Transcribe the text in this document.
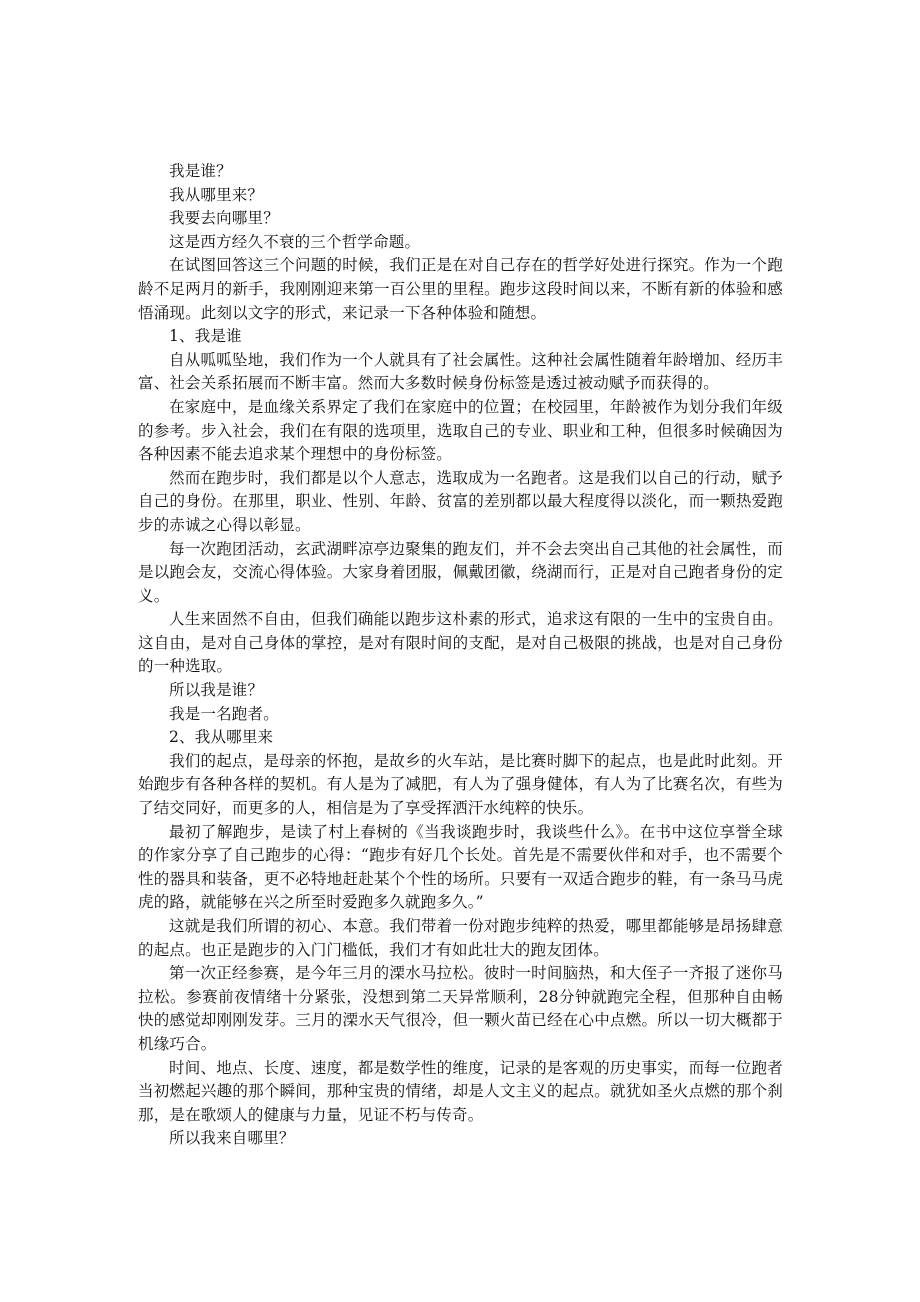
我是谁？

我从哪里来？

我要去向哪里？

这是西方经久不衰的三个哲学命题。

在试图回答这三个问题的时候，我们正是在对自己存在的哲学好处进行探究。作为一个跑龄不足两月的新手，我刚刚迎来第一百公里的里程。跑步这段时间以来，不断有新的体验和感悟涌现。此刻以文字的形式，来记录一下各种体验和随想。

1、我是谁

自从呱呱坠地，我们作为一个人就具有了社会属性。这种社会属性随着年龄增加、经历丰富、社会关系拓展而不断丰富。然而大多数时候身份标签是透过被动赋予而获得的。

在家庭中，是血缘关系界定了我们在家庭中的位置；在校园里，年龄被作为划分我们年级的参考。步入社会，我们在有限的选项里，选取自己的专业、职业和工种，但很多时候确因为各种因素不能去追求某个理想中的身份标签。

然而在跑步时，我们都是以个人意志，选取成为一名跑者。这是我们以自己的行动，赋予自己的身份。在那里，职业、性别、年龄、贫富的差别都以最大程度得以淡化，而一颗热爱跑步的赤诚之心得以彰显。

每一次跑团活动，玄武湖畔凉亭边聚集的跑友们，并不会去突出自己其他的社会属性，而是以跑会友，交流心得体验。大家身着团服，佩戴团徽，绕湖而行，正是对自己跑者身份的定义。

人生来固然不自由，但我们确能以跑步这朴素的形式，追求这有限的一生中的宝贵自由。这自由，是对自己身体的掌控，是对有限时间的支配，是对自己极限的挑战，也是对自己身份的一种选取。

所以我是谁？

我是一名跑者。

2、我从哪里来

我们的起点，是母亲的怀抱，是故乡的火车站，是比赛时脚下的起点，也是此时此刻。开始跑步有各种各样的契机。有人是为了减肥，有人为了强身健体，有人为了比赛名次，有些为了结交同好，而更多的人，相信是为了享受挥洒汗水纯粹的快乐。

最初了解跑步，是读了村上春树的《当我谈跑步时，我谈些什么》。在书中这位享誉全球的作家分享了自己跑步的心得：“跑步有好几个长处。首先是不需要伙伴和对手，也不需要个性的器具和装备，更不必特地赶赴某个个性的场所。只要有一双适合跑步的鞋，有一条马马虎虎的路，就能够在兴之所至时爱跑多久就跑多久。”

这就是我们所谓的初心、本意。我们带着一份对跑步纯粹的热爱，哪里都能够是昂扬肆意的起点。也正是跑步的入门门槛低，我们才有如此壮大的跑友团体。

第一次正经参赛，是今年三月的溧水马拉松。彼时一时间脑热，和大侄子一齐报了迷你马拉松。参赛前夜情绪十分紧张，没想到第二天异常顺利，28分钟就跑完全程，但那种自由畅快的感觉却刚刚发芽。三月的溧水天气很冷，但一颗火苗已经在心中点燃。所以一切大概都于机缘巧合。

时间、地点、长度、速度，都是数学性的维度，记录的是客观的历史事实，而每一位跑者当初燃起兴趣的那个瞬间，那种宝贵的情绪，却是人文主义的起点。就犹如圣火点燃的那个刹那，是在歌颂人的健康与力量，见证不朽与传奇。

所以我来自哪里？
